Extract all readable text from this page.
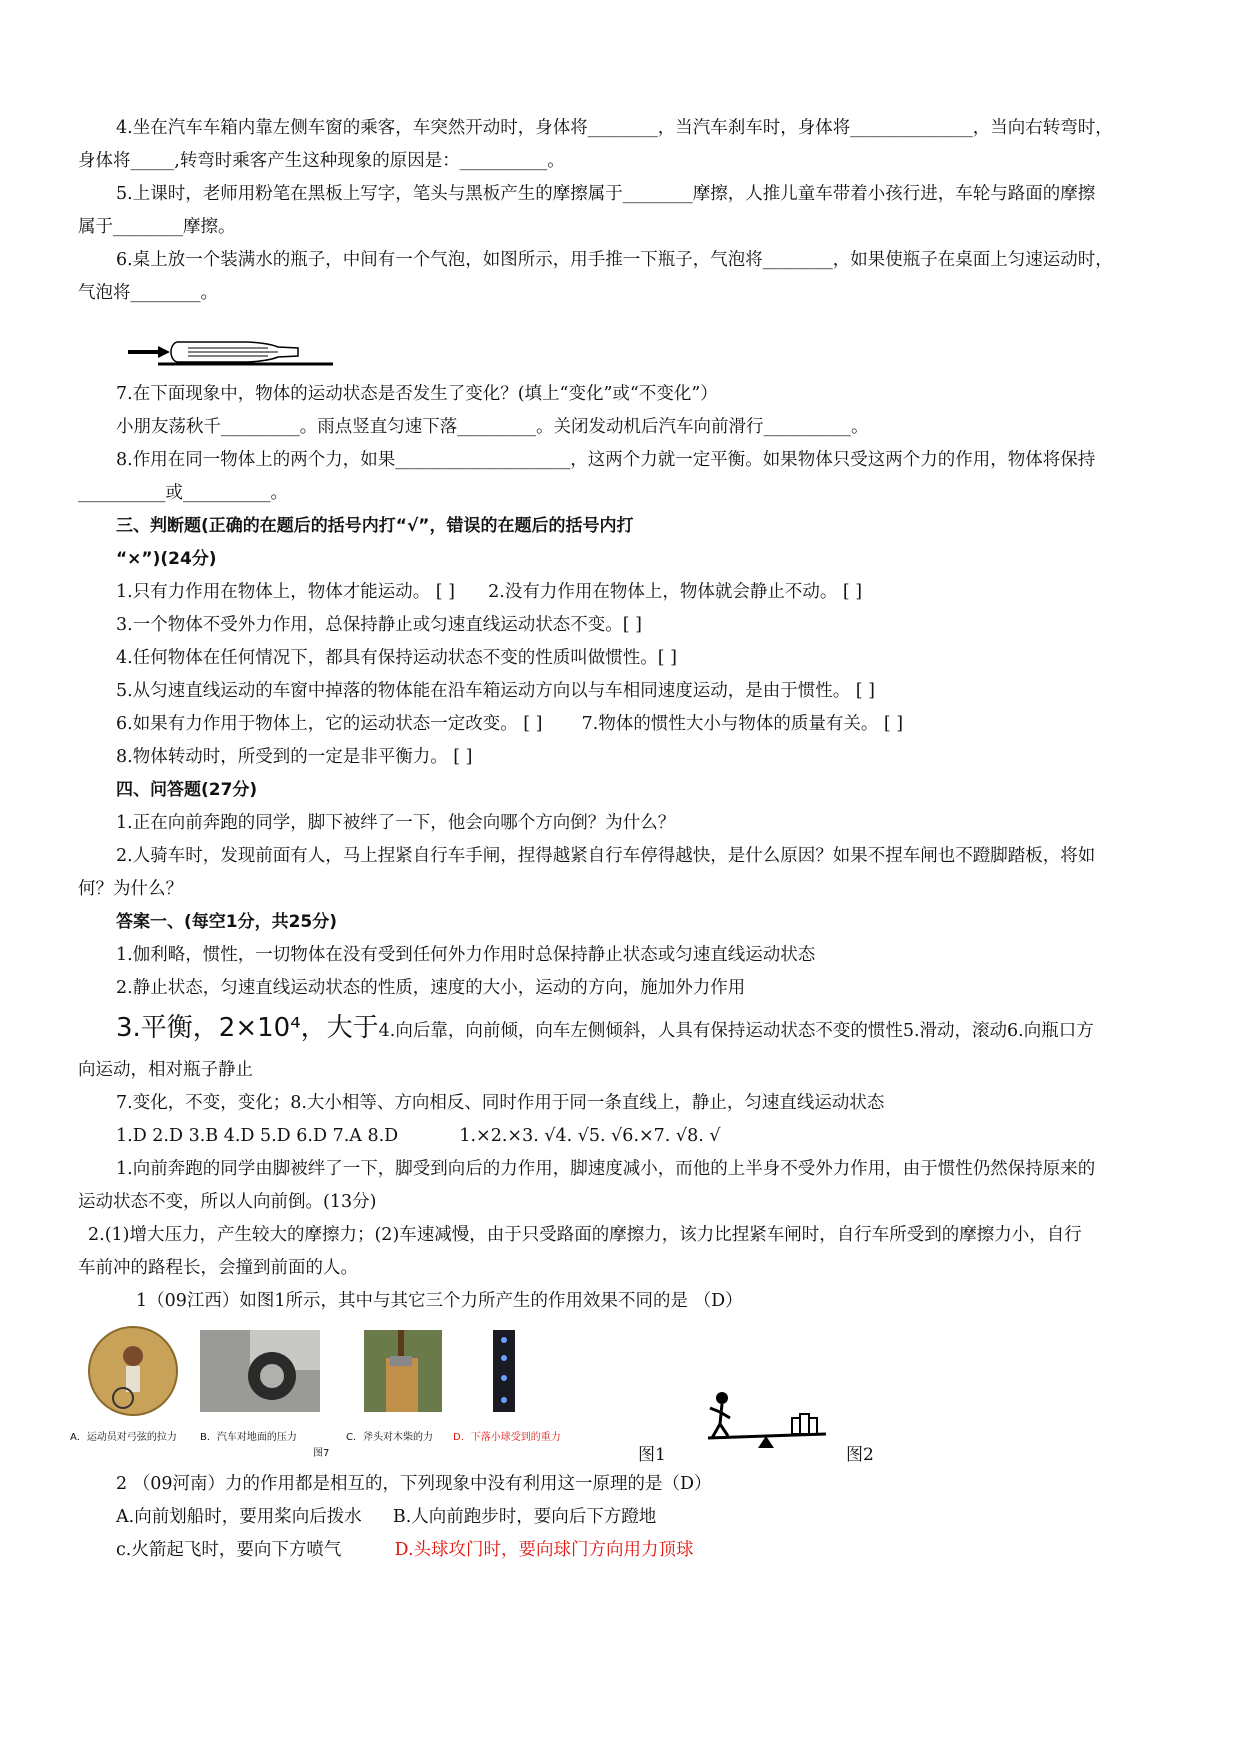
4.坐在汽车车箱内靠左侧车窗的乘客，车突然开动时，身体将________，当汽车刹车时，身体将______________，当向右转弯时，
身体将_____,转弯时乘客产生这种现象的原因是：__________。
5.上课时，老师用粉笔在黑板上写字，笔头与黑板产生的摩擦属于________摩擦，人推儿童车带着小孩行进，车轮与路面的摩擦
属于________摩擦。
6.桌上放一个装满水的瓶子，中间有一个气泡，如图所示，用手推一下瓶子，气泡将________，如果使瓶子在桌面上匀速运动时，
气泡将________。
7.在下面现象中，物体的运动状态是否发生了变化？(填上“变化”或“不变化”）
小朋友荡秋千_________。雨点竖直匀速下落_________。关闭发动机后汽车向前滑行__________。
8.作用在同一物体上的两个力，如果____________________，这两个力就一定平衡。如果物体只受这两个力的作用，物体将保持
__________或__________。
三、判断题(正确的在题后的括号内打“√”，错误的在题后的括号内打
“×”)(24分)
1.只有力作用在物体上，物体才能运动。 [ ] 2.没有力作用在物体上，物体就会静止不动。 [ ]
3.一个物体不受外力作用，总保持静止或匀速直线运动状态不变。[ ]
4.任何物体在任何情况下，都具有保持运动状态不变的性质叫做惯性。[ ]
5.从匀速直线运动的车窗中掉落的物体能在沿车箱运动方向以与车相同速度运动，是由于惯性。 [ ]
6.如果有力作用于物体上，它的运动状态一定改变。 [ ] 7.物体的惯性大小与物体的质量有关。 [ ]
8.物体转动时，所受到的一定是非平衡力。 [ ]
四、问答题(27分)
1.正在向前奔跑的同学，脚下被绊了一下，他会向哪个方向倒？为什么？
2.人骑车时，发现前面有人，马上捏紧自行车手闸，捏得越紧自行车停得越快，是什么原因？如果不捏车闸也不蹬脚踏板，将如
何？为什么？
答案一、(每空1分，共25分)
1.伽利略，惯性，一切物体在没有受到任何外力作用时总保持静止状态或匀速直线运动状态
2.静止状态，匀速直线运动状态的性质，速度的大小，运动的方向，施加外力作用
3.平衡，2×10⁴，大于4.向后靠，向前倾，向车左侧倾斜，人具有保持运动状态不变的惯性5.滑动，滚动6.向瓶口方
向运动，相对瓶子静止
7.变化，不变，变化；8.大小相等、方向相反、同时作用于同一条直线上，静止，匀速直线运动状态
1.D 2.D 3.B 4.D 5.D 6.D 7.A 8.D	1.×2.×3. √4. √5. √6.×7. √8. √
1.向前奔跑的同学由脚被绊了一下，脚受到向后的力作用，脚速度减小，而他的上半身不受外力作用，由于惯性仍然保持原来的
运动状态不变，所以人向前倒。(13分)
2.(1)增大压力，产生较大的摩擦力；(2)车速减慢，由于只受路面的摩擦力，该力比捏紧车闸时，自行车所受到的摩擦力小，自行
车前冲的路程长，会撞到前面的人。
1（09江西）如图1所示，其中与其它三个力所产生的作用效果不同的是 （D）
A．运动员对弓弦的拉力 B．汽车对地面的压力	C．斧头对木柴的力 D．下落小球受到的重力
图7	图1	图2
2 （09河南）力的作用都是相互的，下列现象中没有利用这一原理的是（D）
A.向前划船时，要用桨向后拨水 B.人向前跑步时，要向后下方蹬地
c.火箭起飞时，要向下方喷气	D.头球攻门时，要向球门方向用力顶球
